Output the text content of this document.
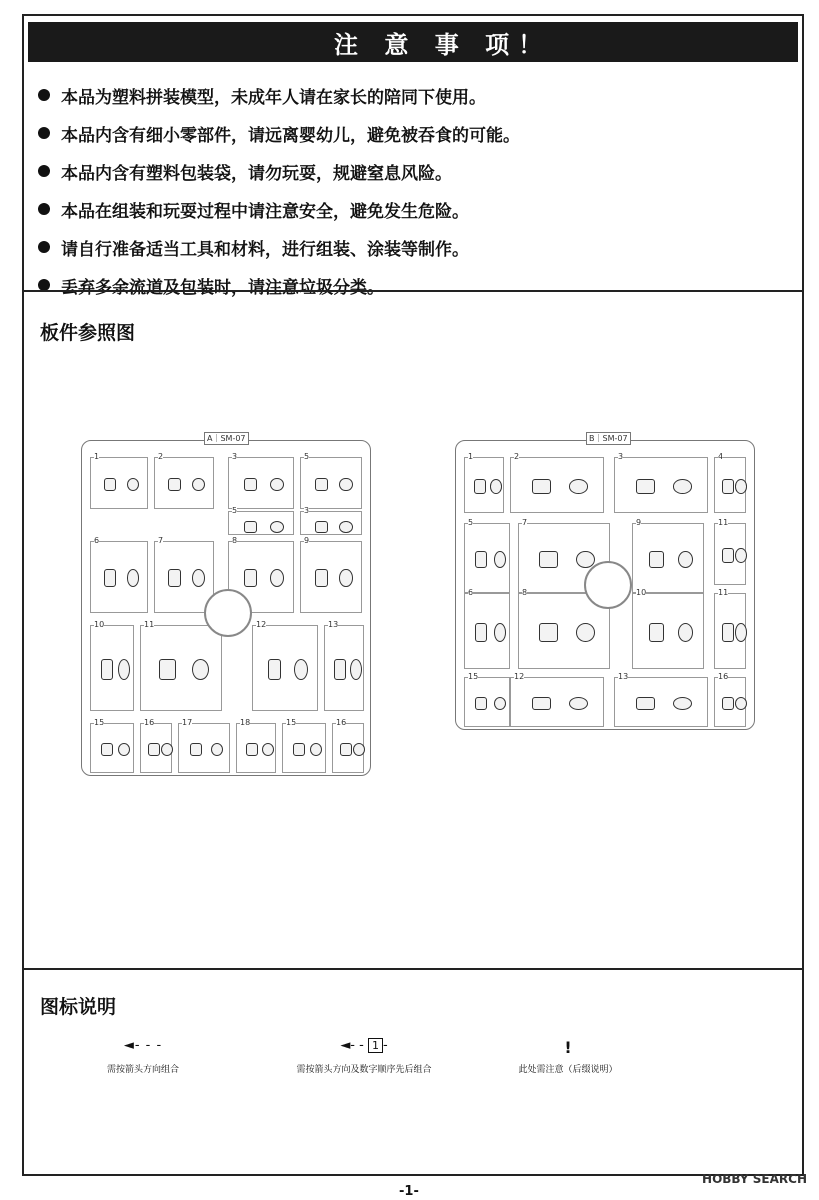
注 意 事 项！
本品为塑料拼装模型，未成年人请在家长的陪同下使用。
本品内含有细小零部件，请远离婴幼儿，避免被吞食的可能。
本品内含有塑料包装袋，请勿玩耍，规避窒息风险。
本品在组装和玩耍过程中请注意安全，避免发生危险。
请自行准备适当工具和材料，进行组装、涂装等制作。
丢弃多余流道及包装时，请注意垃圾分类。
板件参照图
A｜SM-07
1	2	3	5
5	3
6	7	8	9
10	11	12	13
15	16	17	18	15	16
B｜SM-07
1	2	3	4
5	7	9	11
6	8	10	11
15	12	13	16
图标说明
◄- - -
需按箭头方向组合
◄- - 1 -
需按箭头方向及数字顺序先后组合
!
此处需注意（后缀说明）
-1-
HOBBY SEARCH
